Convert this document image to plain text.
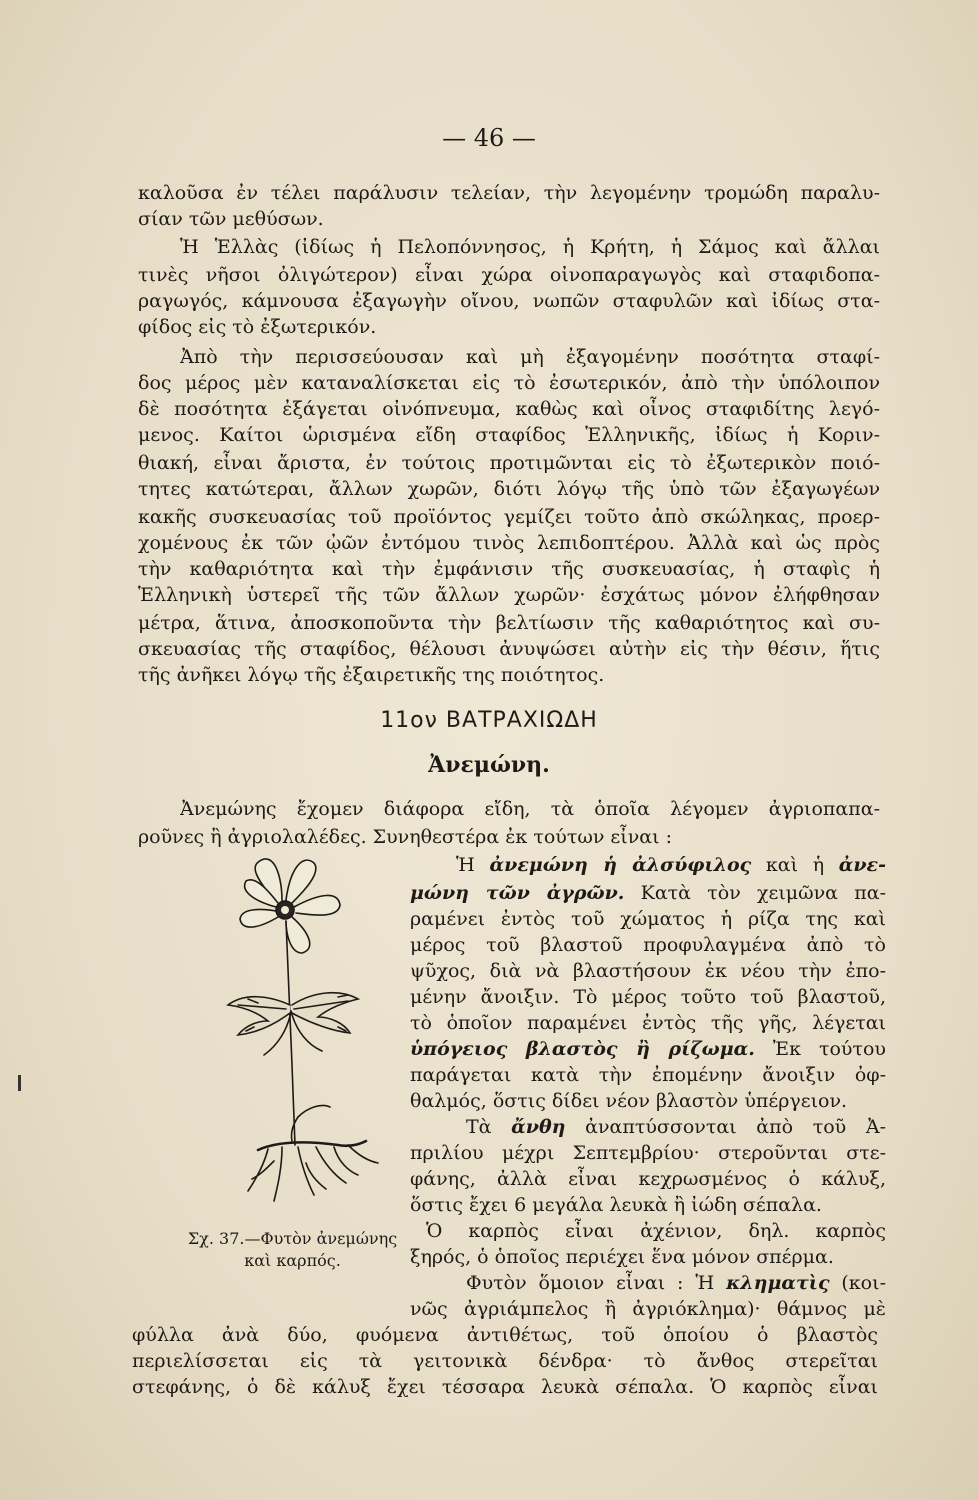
— 46 —
καλοῦσα ἐν τέλει παράλυσιν τελείαν, τὴν λεγομένην τρομώδη παραλυ-
σίαν τῶν μεθύσων.
Ἡ Ἑλλὰς (ἰδίως ἡ Πελοπόννησος, ἡ Κρήτη, ἡ Σάμος καὶ ἄλλαι
τινὲς νῆσοι ὀλιγώτερον) εἶναι χώρα οἰνοπαραγωγὸς καὶ σταφιδοπα-
ραγωγός, κάμνουσα ἐξαγωγὴν οἴνου, νωπῶν σταφυλῶν καὶ ἰδίως στα-
φίδος εἰς τὸ ἐξωτερικόν.
Ἀπὸ τὴν περισσεύουσαν καὶ μὴ ἐξαγομένην ποσότητα σταφί-
δος μέρος μὲν καταναλίσκεται εἰς τὸ ἐσωτερικόν, ἀπὸ τὴν ὑπόλοιπον
δὲ ποσότητα ἐξάγεται οἰνόπνευμα, καθὼς καὶ οἶνος σταφιδίτης λεγό-
μενος. Καίτοι ὡρισμένα εἴδη σταφίδος Ἑλληνικῆς, ἰδίως ἡ Κοριν-
θιακή, εἶναι ἄριστα, ἐν τούτοις προτιμῶνται εἰς τὸ ἐξωτερικὸν ποιό-
τητες κατώτεραι, ἄλλων χωρῶν, διότι λόγῳ τῆς ὑπὸ τῶν ἐξαγωγέων
κακῆς συσκευασίας τοῦ προϊόντος γεμίζει τοῦτο ἀπὸ σκώληκας, προερ-
χομένους ἐκ τῶν ᾠῶν ἐντόμου τινὸς λεπιδοπτέρου. Ἀλλὰ καὶ ὡς πρὸς
τὴν καθαριότητα καὶ τὴν ἐμφάνισιν τῆς συσκευασίας, ἡ σταφὶς ἡ
Ἑλληνικὴ ὑστερεῖ τῆς τῶν ἄλλων χωρῶν· ἐσχάτως μόνον ἐλήφθησαν
μέτρα, ἅτινα, ἀποσκοποῦντα τὴν βελτίωσιν τῆς καθαριότητος καὶ συ-
σκευασίας τῆς σταφίδος, θέλουσι ἀνυψώσει αὐτὴν εἰς τὴν θέσιν, ἥτις
τῆς ἀνῆκει λόγῳ τῆς ἐξαιρετικῆς της ποιότητος.
11ον ΒΑΤΡΑΧΙΩΔΗ
Ἀνεμώνη.
Ἀνεμώνης ἔχομεν διάφορα εἴδη, τὰ ὁποῖα λέγομεν ἀγριοπαπα-
ροῦνες ἢ ἀγριολαλέδες. Συνηθεστέρα ἐκ τούτων εἶναι :
Ἡ ἀνεμώνη ἡ ἀλσύφιλος καὶ ἡ ἀνε-
μώνη τῶν ἀγρῶν. Κατὰ τὸν χειμῶνα πα-
ραμένει ἐντὸς τοῦ χώματος ἡ ρίζα της καὶ
μέρος τοῦ βλαστοῦ προφυλαγμένα ἀπὸ τὸ
ψῦχος, διὰ νὰ βλαστήσουν ἐκ νέου τὴν ἐπο-
μένην ἄνοιξιν. Τὸ μέρος τοῦτο τοῦ βλαστοῦ,
τὸ ὁποῖον παραμένει ἐντὸς τῆς γῆς, λέγεται
ὑπόγειος βλαστὸς ἢ ρίζωμα. Ἐκ τούτου
παράγεται κατὰ τὴν ἐπομένην ἄνοιξιν ὀφ-
θαλμός, ὅστις δίδει νέον βλαστὸν ὑπέργειον.
Τὰ ἄνθη ἀναπτύσσονται ἀπὸ τοῦ Ἀ-
πριλίου μέχρι Σεπτεμβρίου· στεροῦνται στε-
φάνης, ἀλλὰ εἶναι κεχρωσμένος ὁ κάλυξ,
ὅστις ἔχει 6 μεγάλα λευκὰ ἢ ἰώδη σέπαλα.
Ὁ καρπὸς εἶναι ἀχένιον, δηλ. καρπὸς
ξηρός, ὁ ὁποῖος περιέχει ἕνα μόνον σπέρμα.
Φυτὸν ὅμοιον εἶναι : Ἡ κληματὶς (κοι-
νῶς ἀγριάμπελος ἢ ἀγριόκλημα)· θάμνος μὲ
φύλλα ἀνὰ δύο, φυόμενα ἀντιθέτως, τοῦ ὁποίου ὁ βλαστὸς
περιελίσσεται εἰς τὰ γειτονικὰ δένδρα· τὸ ἄνθος στερεῖται
στεφάνης, ὁ δὲ κάλυξ ἔχει τέσσαρα λευκὰ σέπαλα. Ὁ καρπὸς εἶναι
Σχ. 37.—Φυτὸν ἀνεμώνης
καὶ καρπός.
